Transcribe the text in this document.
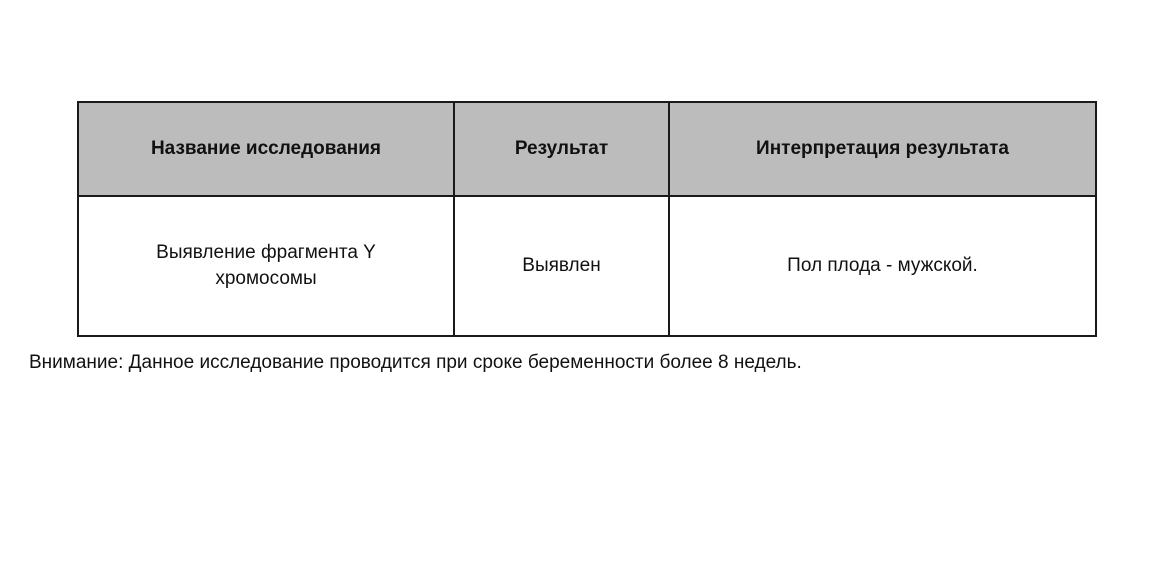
Название исследования	Результат	Интерпретация результата
Выявление фрагмента Y хромосомы	Выявлен	Пол плода - мужской.
Внимание: Данное исследование проводится при сроке беременности более 8 недель.
